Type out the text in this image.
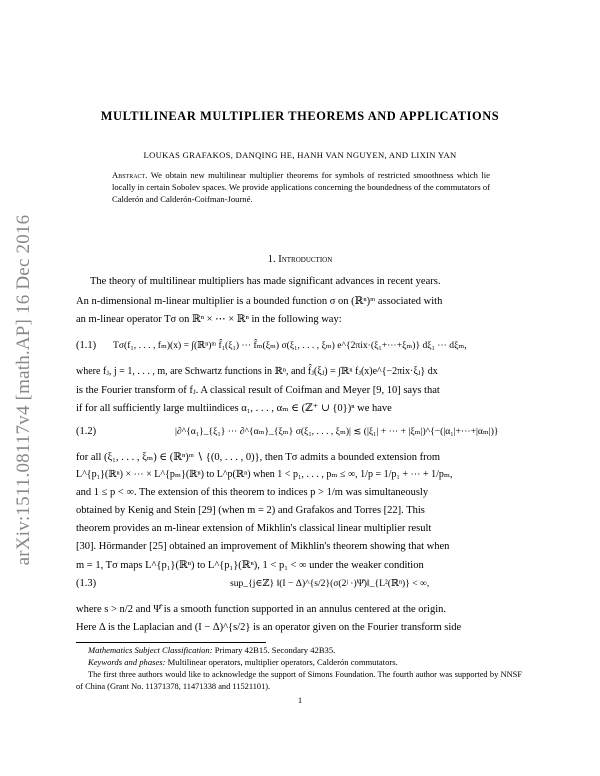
arXiv:1511.08117v4 [math.AP] 16 Dec 2016
MULTILINEAR MULTIPLIER THEOREMS AND APPLICATIONS
LOUKAS GRAFAKOS, DANQING HE, HANH VAN NGUYEN, AND LIXIN YAN
Abstract. We obtain new multilinear multiplier theorems for symbols of restricted smoothness which lie locally in certain Sobolev spaces. We provide applications concerning the boundedness of the commutators of Calderón and Calderón-Coifman-Journé.
1. Introduction
The theory of multilinear multipliers has made significant advances in recent years.
An n-dimensional m-linear multiplier is a bounded function σ on (ℝⁿ)ᵐ associated with
an m-linear operator Tσ on ℝⁿ × ⋯ × ℝⁿ in the following way:
(1.1) Tσ(f₁, . . . , fₘ)(x) = ∫(ℝⁿ)ᵐ f̂₁(ξ₁) ⋯ f̂ₘ(ξₘ) σ(ξ₁, . . . , ξₘ) e^{2πix·(ξ₁+⋯+ξₘ)} dξ₁ ⋯ dξₘ,
where fⱼ, j = 1, . . . , m, are Schwartz functions in ℝⁿ, and f̂ⱼ(ξⱼ) = ∫ℝⁿ fⱼ(x)e^{−2πix·ξⱼ} dx
is the Fourier transform of fⱼ. A classical result of Coifman and Meyer [9, 10] says that
if for all sufficiently large multiindices α₁, . . . , αₘ ∈ (ℤ⁺ ∪ {0})ⁿ we have
(1.2)	|∂^{α₁}_{ξ₁} ⋯ ∂^{αₘ}_{ξₘ} σ(ξ₁, . . . , ξₘ)| ≲ (|ξ₁| + ⋯ + |ξₘ|)^{−(|α₁|+⋯+|αₘ|)}
for all (ξ₁, . . . , ξₘ) ∈ (ℝⁿ)ᵐ ∖ {(0, . . . , 0)}, then Tσ admits a bounded extension from
L^{p₁}(ℝⁿ) × ⋯ × L^{pₘ}(ℝⁿ) to L^p(ℝⁿ) when 1 < p₁, . . . , pₘ ≤ ∞, 1/p = 1/p₁ + ⋯ + 1/pₘ,
and 1 ≤ p < ∞. The extension of this theorem to indices p > 1/m was simultaneously
obtained by Kenig and Stein [29] (when m = 2) and Grafakos and Torres [22]. This
theorem provides an m-linear extension of Mikhlin's classical linear multiplier result
[30]. Hörmander [25] obtained an improvement of Mikhlin's theorem showing that when
m = 1, Tσ maps L^{p₁}(ℝⁿ) to L^{p₁}(ℝⁿ), 1 < p₁ < ∞ under the weaker condition
(1.3)	sup_{j∈ℤ} ‖(I − Δ)^{s/2}(σ(2ʲ ·)Ψ̂)‖_{L²(ℝⁿ)} < ∞,
where s > n/2 and Ψ̂ is a smooth function supported in an annulus centered at the origin.
Here Δ is the Laplacian and (I − Δ)^{s/2} is an operator given on the Fourier transform side
Mathematics Subject Classification: Primary 42B15. Secondary 42B35.
Keywords and phases: Multilinear operators, multiplier operators, Calderón commutators.
The first three authors would like to acknowledge the support of Simons Foundation. The fourth author was supported by NNSF of China (Grant No. 11371378, 11471338 and 11521101).
1
